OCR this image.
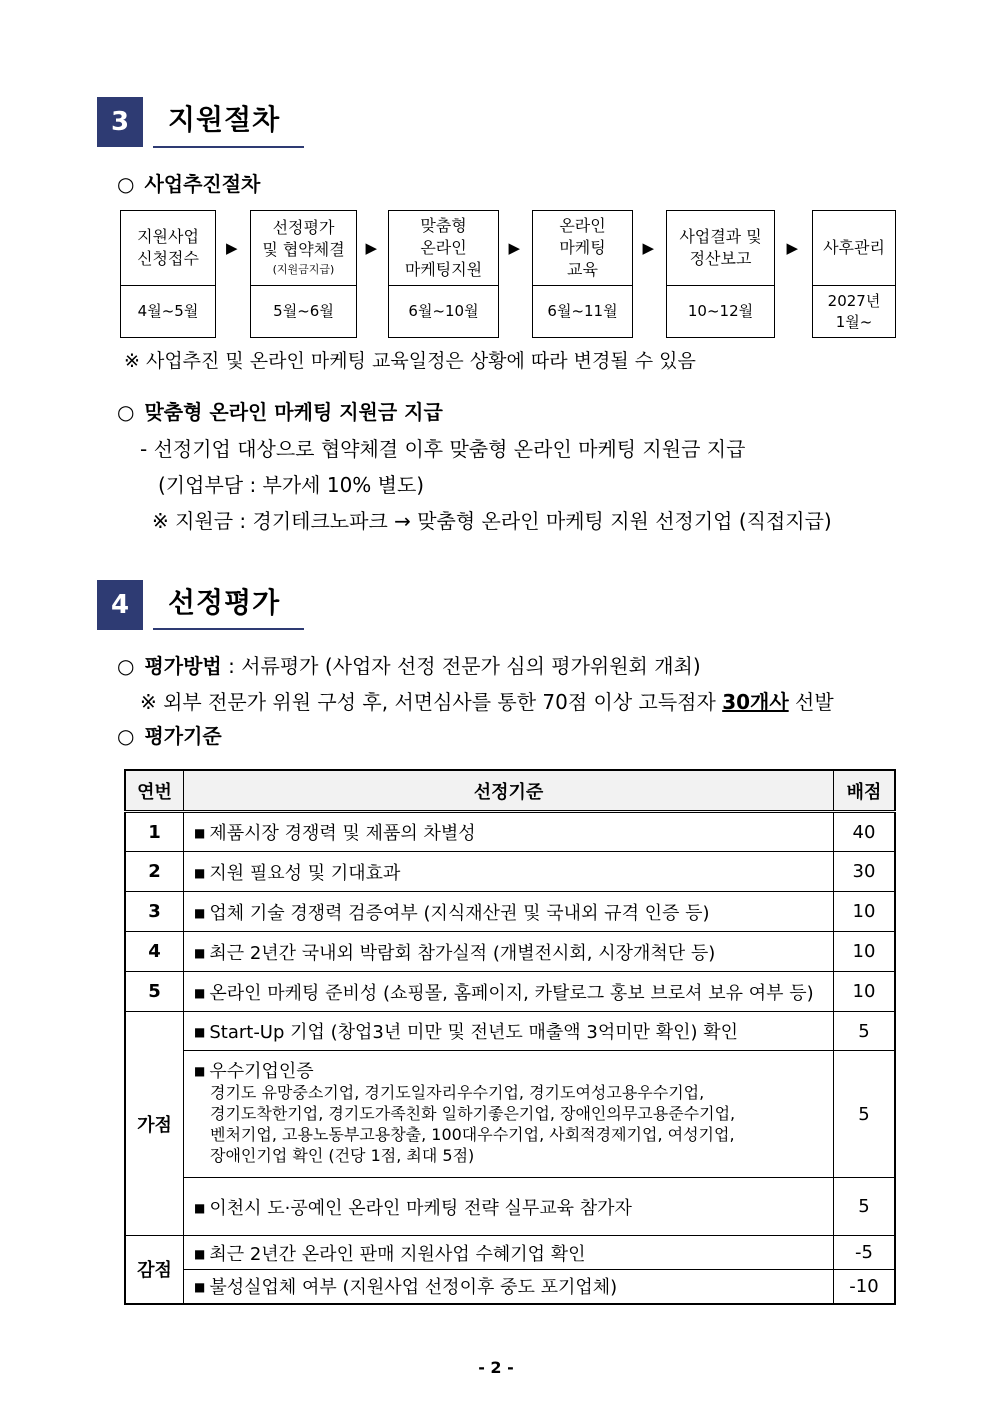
3	지원절차
○ 사업추진절차
지원사업
신청접수
4월~5월
▶
선정평가
및 협약체결
(지원금지급)
5월~6월
▶
맞춤형
온라인
마케팅지원
6월~10월
▶
온라인
마케팅
교육
6월~11월
▶
사업결과 및
정산보고
10~12월
▶ 사후관리
2027년
1월~
※ 사업추진 및 온라인 마케팅 교육일정은 상황에 따라 변경될 수 있음
○ 맞춤형 온라인 마케팅 지원금 지급
- 선정기업 대상으로 협약체결 이후 맞춤형 온라인 마케팅 지원금 지급
(기업부담 : 부가세 10% 별도)
※ 지원금 : 경기테크노파크 → 맞춤형 온라인 마케팅 지원 선정기업 (직접지급)
4	선정평가
○ 평가방법 : 서류평가 (사업자 선정 전문가 심의 평가위원회 개최)
※ 외부 전문가 위원 구성 후, 서면심사를 통한 70점 이상 고득점자 30개사 선발
○ 평가기준
연번	선정기준	배점
1	■ 제품시장 경쟁력 및 제품의 차별성	40
2	■ 지원 필요성 및 기대효과	30
3	■ 업체 기술 경쟁력 검증여부 (지식재산권 및 국내외 규격 인증 등)	10
4	■ 최근 2년간 국내외 박람회 참가실적 (개별전시회, 시장개척단 등)	10
5	■ 온라인 마케팅 준비성 (쇼핑몰, 홈페이지, 카탈로그 홍보 브로셔 보유 여부 등)	10
가점	■ Start-Up 기업 (창업3년 미만 및 전년도 매출액 3억미만 확인) 확인	5

	■ 우수기업인증
경기도 유망중소기업, 경기도일자리우수기업, 경기도여성고용우수기업,
경기도착한기업, 경기도가족친화 일하기좋은기업, 장애인의무고용준수기업,
벤처기업, 고용노동부고용창출, 100대우수기업, 사회적경제기업, 여성기업,
장애인기업 확인 (건당 1점, 최대 5점)	5
	■ 이천시 도·공예인 온라인 마케팅 전략 실무교육 참가자	5
감점	■ 최근 2년간 온라인 판매 지원사업 수혜기업 확인	-5
	■ 불성실업체 여부 (지원사업 선정이후 중도 포기업체)	-10
- 2 -
